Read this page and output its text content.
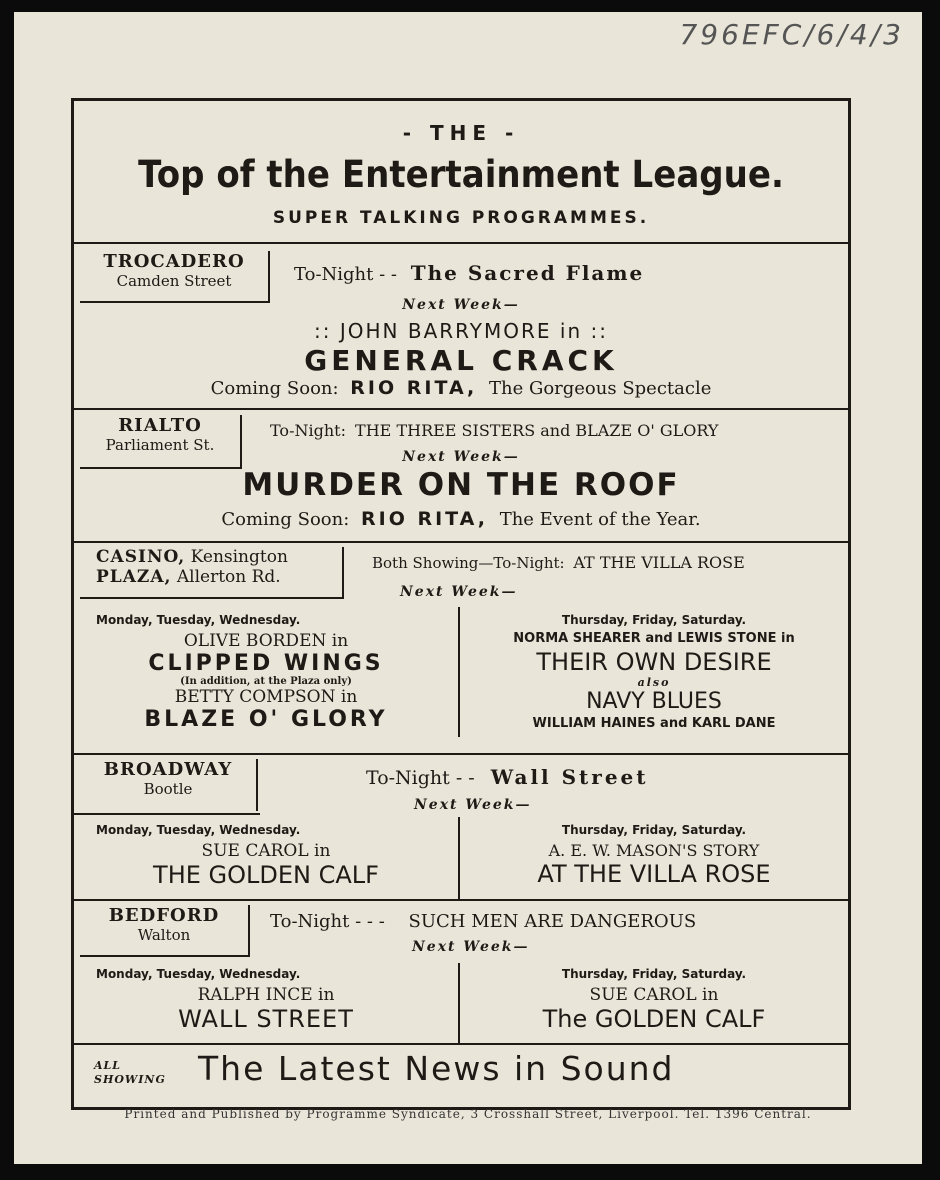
796EFC/6/4/3
- THE -
Top of the Entertainment League.
SUPER TALKING PROGRAMMES.
TROCADERO
Camden Street	To-Night - - The Sacred Flame
Next Week—
:: JOHN BARRYMORE in ::
GENERAL CRACK
Coming Soon: RIO RITA, The Gorgeous Spectacle
RIALTO
Parliament St.
To-Night: THE THREE SISTERS and BLAZE O' GLORY
Next Week—
MURDER ON THE ROOF
Coming Soon: RIO RITA, The Event of the Year.
CASINO, Kensington
PLAZA, Allerton Rd.
Both Showing—To-Night: AT THE VILLA ROSE
Next Week—
Monday, Tuesday, Wednesday.
OLIVE BORDEN in
CLIPPED WINGS
(In addition, at the Plaza only)
BETTY COMPSON in
BLAZE O' GLORY
Thursday, Friday, Saturday.
NORMA SHEARER and LEWIS STONE in
THEIR OWN DESIRE
also
NAVY BLUES
WILLIAM HAINES and KARL DANE
BROADWAY
Bootle	To-Night - - Wall Street
Next Week—
Monday, Tuesday, Wednesday.
SUE CAROL in
THE GOLDEN CALF
Thursday, Friday, Saturday.
A. E. W. MASON'S STORY
AT THE VILLA ROSE
BEDFORD
Walton
To-Night - - - SUCH MEN ARE DANGEROUS
Next Week—
Monday, Tuesday, Wednesday.
RALPH INCE in
WALL STREET
Thursday, Friday, Saturday.
SUE CAROL in
The GOLDEN CALF
ALL
SHOWING The Latest News in Sound
Printed and Published by Programme Syndicate, 3 Crosshall Street, Liverpool. Tel. 1396 Central.
